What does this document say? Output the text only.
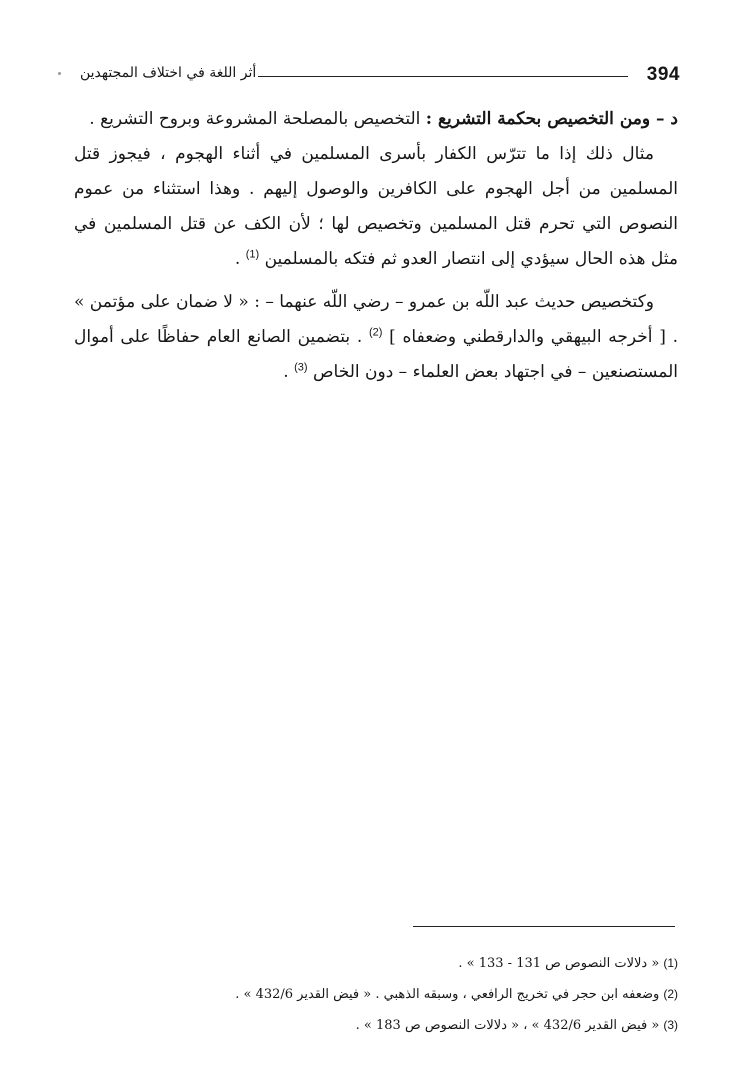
أثر اللغة في اختلاف المجتهدين	394

د – ومن التخصيص بحكمة التشريع : التخصيص بالمصلحة المشروعة وبروح التشريع .

مثال ذلك إذا ما تترّس الكفار بأسرى المسلمين في أثناء الهجوم ، فيجوز قتل المسلمين من أجل الهجوم على الكافرين والوصول إليهم . وهذا استثناء من عموم النصوص التي تحرم قتل المسلمين وتخصيص لها ؛ لأن الكف عن قتل المسلمين في مثل هذه الحال سيؤدي إلى انتصار العدو ثم فتكه بالمسلمين $^{(1)}$ .

وكتخصيص حديث عبد اللّه بن عمرو – رضي اللّه عنهما – : « لا ضمان على مؤتمن » . [ أخرجه البيهقي والدارقطني وضعفاه ] $^{(2)}$ . بتضمين الصانع العام حفاظًا على أموال المستصنعين – في اجتهاد بعض العلماء – دون الخاص $^{(3)}$ .

(1)« دلالات النصوص ص 131 - 133 » .

(2)وضعفه ابن حجر في تخريج الرافعي ، وسبقه الذهبي . « فيض القدير 432/6 » .

(3)« فيض القدير 432/6 » ، « دلالات النصوص ص 183 » .
